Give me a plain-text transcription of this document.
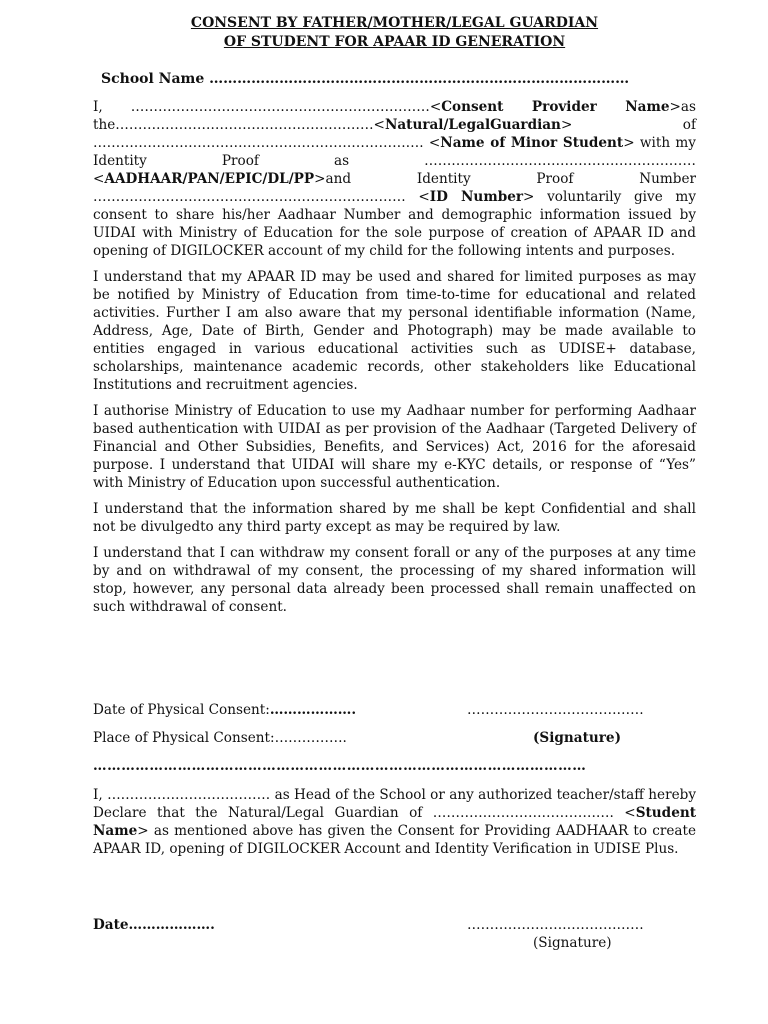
CONSENT BY FATHER/MOTHER/LEGAL GUARDIAN
OF STUDENT FOR APAAR ID GENERATION
School Name ………………………………………………………………………………

I, …………………………………………………………<Consent Provider Name>as the…………………………………………………<Natural/LegalGuardian> of ………………………………………………………………. <Name of Minor Student> with my Identity Proof as …………………………………………………… <AADHAAR/PAN/EPIC/DL/PP>and Identity Proof Number …………………………………………………………… <ID Number> voluntarily give my consent to share his/her Aadhaar Number and demographic information issued by UIDAI with Ministry of Education for the sole purpose of creation of APAAR ID and opening of DIGILOCKER account of my child for the following intents and purposes.

I understand that my APAAR ID may be used and shared for limited purposes as may be notified by Ministry of Education from time-to-time for educational and related activities. Further I am also aware that my personal identifiable information (Name, Address, Age, Date of Birth, Gender and Photograph) may be made available to entities engaged in various educational activities such as UDISE+ database, scholarships, maintenance academic records, other stakeholders like Educational Institutions and recruitment agencies.

I authorise Ministry of Education to use my Aadhaar number for performing Aadhaar based authentication with UIDAI as per provision of the Aadhaar (Targeted Delivery of Financial and Other Subsidies, Benefits, and Services) Act, 2016 for the aforesaid purpose. I understand that UIDAI will share my e-KYC details, or response of “Yes” with Ministry of Education upon successful authentication.

I understand that the information shared by me shall be kept Confidential and shall not be divulgedto any third party except as may be required by law.

I understand that I can withdraw my consent forall or any of the purposes at any time by and on withdrawal of my consent, the processing of my shared information will stop, however, any personal data already been processed shall remain unaffected on such withdrawal of consent.

Date of Physical Consent:……………….	…………………………………
Place of Physical Consent:…………….	(Signature)
……………………………………………………………………………………………

I, ……………………………… as Head of the School or any authorized teacher/staff hereby Declare that the Natural/Legal Guardian of …………………………………. <Student Name> as mentioned above has given the Consent for Providing AADHAAR to create APAAR ID, opening of DIGILOCKER Account and Identity Verification in UDISE Plus.

Date……………….	…………………………………
(Signature)
